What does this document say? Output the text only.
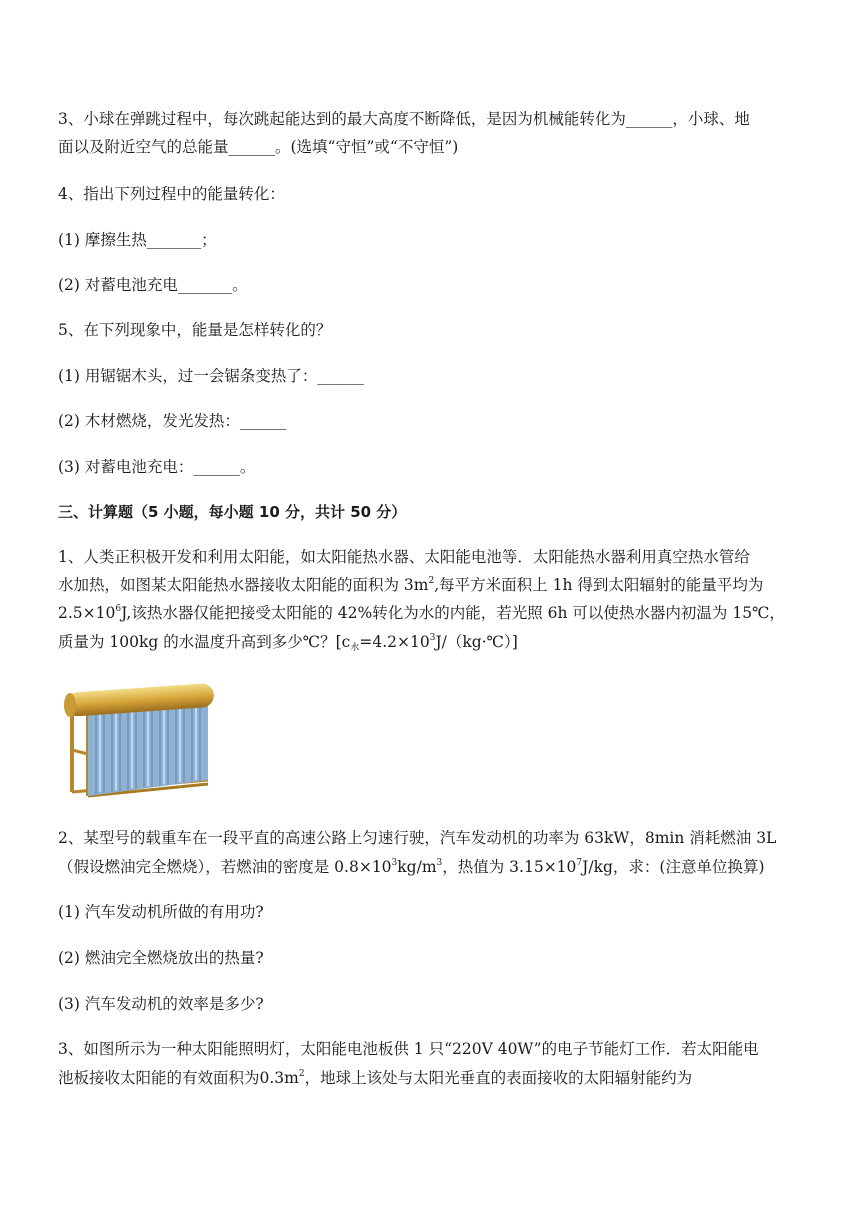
3、小球在弹跳过程中，每次跳起能达到的最大高度不断降低，是因为机械能转化为______，小球、地
面以及附近空气的总能量______。(选填“守恒”或“不守恒”)
4、指出下列过程中的能量转化：
(1) 摩擦生热_______；
(2) 对蓄电池充电_______。
5、在下列现象中，能量是怎样转化的？
(1) 用锯锯木头，过一会锯条变热了：______
(2) 木材燃烧，发光发热：______
(3) 对蓄电池充电：______。
三、计算题（5 小题，每小题 10 分，共计 50 分）
1、人类正积极开发和利用太阳能，如太阳能热水器、太阳能电池等．太阳能热水器利用真空热水管给
水加热，如图某太阳能热水器接收太阳能的面积为 $3m^2$,每平方米面积上 1h 得到太阳辐射的能量平均为
$2.5\times 10^6J$,该热水器仅能把接受太阳能的 42%转化为水的内能，若光照 6h 可以使热水器内初温为 15℃，
质量为 100kg 的水温度升高到多少℃？$[c_水=4.2\times 10^3J/(kg\cdot℃)]$
2、某型号的载重车在一段平直的高速公路上匀速行驶，汽车发动机的功率为 63kW，8min 消耗燃油 3L
（假设燃油完全燃烧），若燃油的密度是 $0.8\times 10^3kg/m^3$，热值为 $3.15\times 10^7J/kg$，求：(注意单位换算)
(1) 汽车发动机所做的有用功?
(2) 燃油完全燃烧放出的热量?
(3) 汽车发动机的效率是多少?
3、如图所示为一种太阳能照明灯，太阳能电池板供 1 只“220V 40W”的电子节能灯工作．若太阳能电
池板接收太阳能的有效面积为$0.3m^2$，地球上该处与太阳光垂直的表面接收的太阳辐射能约为
